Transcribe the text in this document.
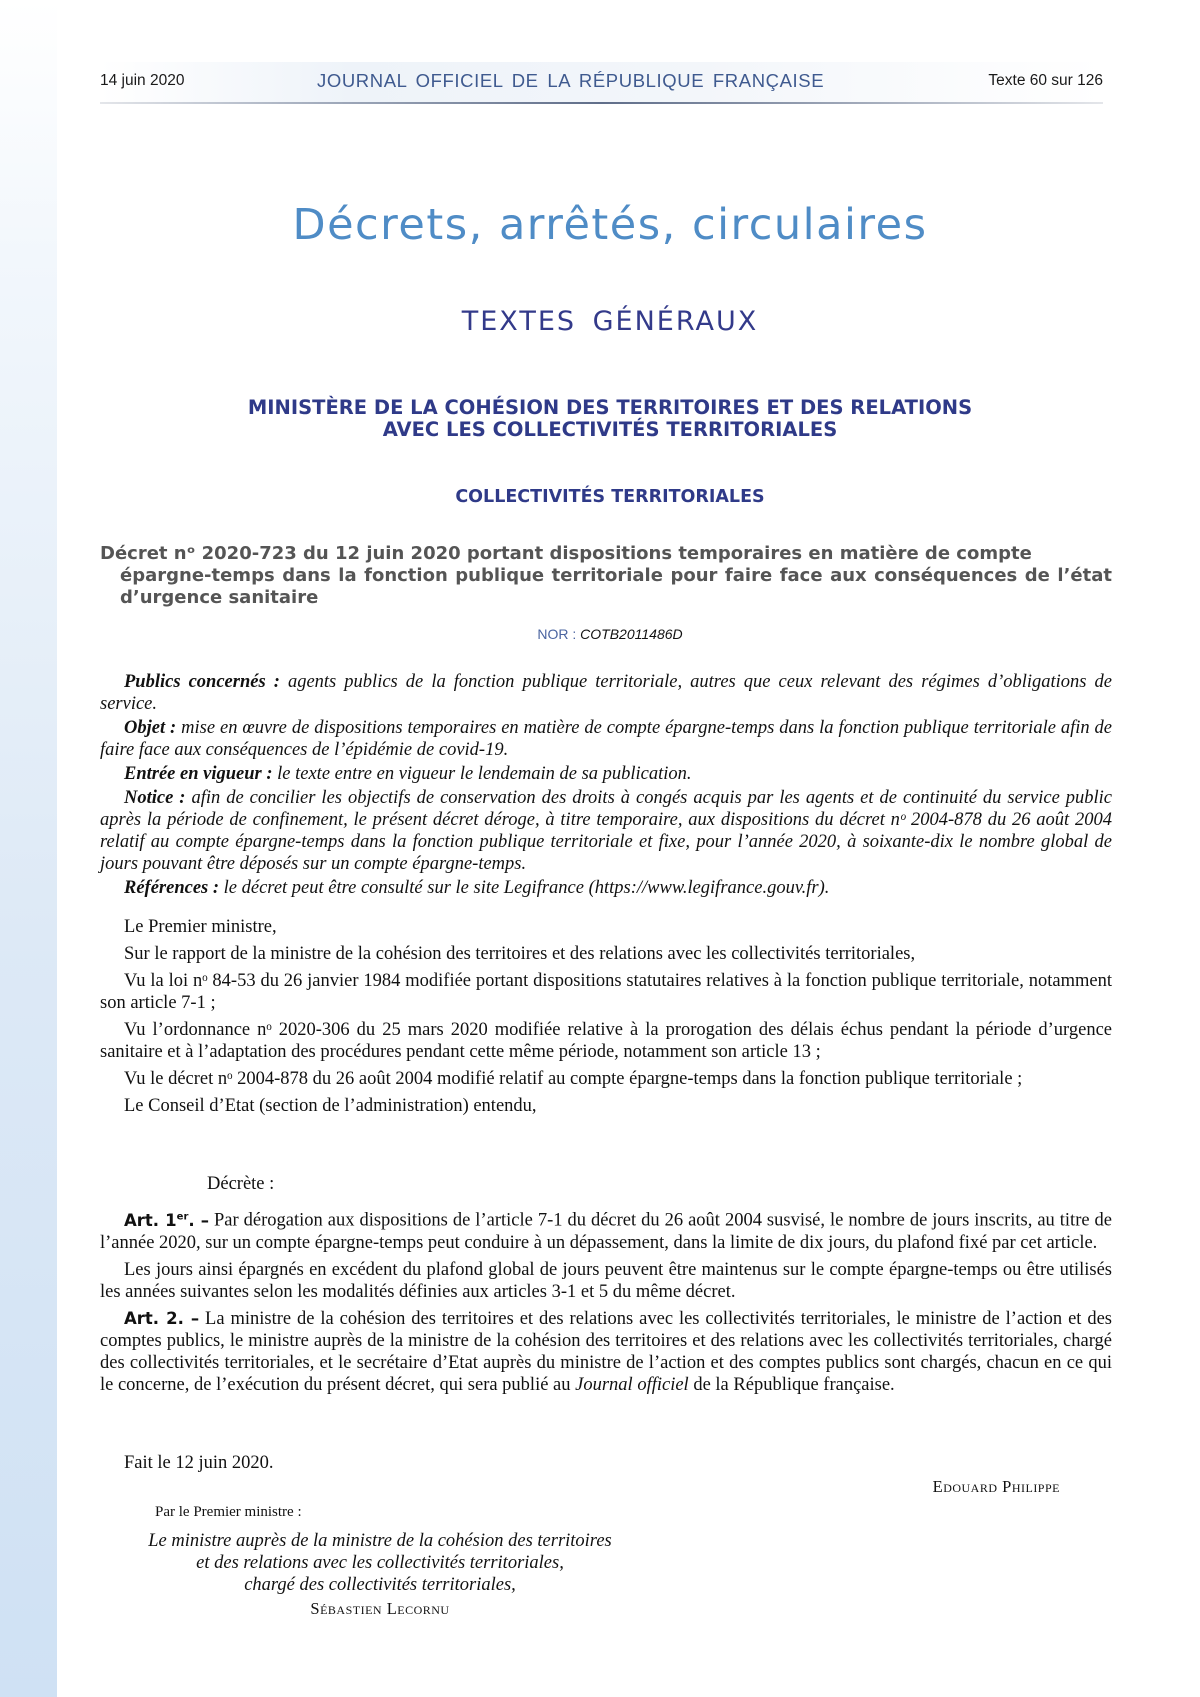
14 juin 2020	JOURNAL OFFICIEL DE LA RÉPUBLIQUE FRANÇAISE	Texte 60 sur 126
Décrets, arrêtés, circulaires
TEXTES GÉNÉRAUX
MINISTÈRE DE LA COHÉSION DES TERRITOIRES ET DES RELATIONS
AVEC LES COLLECTIVITÉS TERRITORIALES
COLLECTIVITÉS TERRITORIALES
Décret nᵒ 2020-723 du 12 juin 2020 portant dispositions temporaires en matière de compte
épargne-temps dans la fonction publique territoriale pour faire face aux conséquences de l’état d’urgence sanitaire
NOR : COTB2011486D

Publics concernés : agents publics de la fonction publique territoriale, autres que ceux relevant des régimes d’obligations de service.

Objet : mise en œuvre de dispositions temporaires en matière de compte épargne-temps dans la fonction publique territoriale afin de faire face aux conséquences de l’épidémie de covid-19.

Entrée en vigueur : le texte entre en vigueur le lendemain de sa publication.

Notice : afin de concilier les objectifs de conservation des droits à congés acquis par les agents et de continuité du service public après la période de confinement, le présent décret déroge, à titre temporaire, aux dispositions du décret nᵒ 2004-878 du 26 août 2004 relatif au compte épargne-temps dans la fonction publique territoriale et fixe, pour l’année 2020, à soixante-dix le nombre global de jours pouvant être déposés sur un compte épargne-temps.

Références : le décret peut être consulté sur le site Legifrance (https://www.legifrance.gouv.fr).

Le Premier ministre,

Sur le rapport de la ministre de la cohésion des territoires et des relations avec les collectivités territoriales,

Vu la loi nᵒ 84-53 du 26 janvier 1984 modifiée portant dispositions statutaires relatives à la fonction publique territoriale, notamment son article 7-1 ;

Vu l’ordonnance nᵒ 2020-306 du 25 mars 2020 modifiée relative à la prorogation des délais échus pendant la période d’urgence sanitaire et à l’adaptation des procédures pendant cette même période, notamment son article 13 ;

Vu le décret nᵒ 2004-878 du 26 août 2004 modifié relatif au compte épargne-temps dans la fonction publique territoriale ;

Le Conseil d’Etat (section de l’administration) entendu,

Décrète :

Art. 1er. – Par dérogation aux dispositions de l’article 7-1 du décret du 26 août 2004 susvisé, le nombre de jours inscrits, au titre de l’année 2020, sur un compte épargne-temps peut conduire à un dépassement, dans la limite de dix jours, du plafond fixé par cet article.

Les jours ainsi épargnés en excédent du plafond global de jours peuvent être maintenus sur le compte épargne-temps ou être utilisés les années suivantes selon les modalités définies aux articles 3-1 et 5 du même décret.

Art. 2. – La ministre de la cohésion des territoires et des relations avec les collectivités territoriales, le ministre de l’action et des comptes publics, le ministre auprès de la ministre de la cohésion des territoires et des relations avec les collectivités territoriales, chargé des collectivités territoriales, et le secrétaire d’Etat auprès du ministre de l’action et des comptes publics sont chargés, chacun en ce qui le concerne, de l’exécution du présent décret, qui sera publié au Journal officiel de la République française.

Fait le 12 juin 2020.
Edouard Philippe
Par le Premier ministre :
Le ministre auprès de la ministre de la cohésion des territoires
et des relations avec les collectivités territoriales,
chargé des collectivités territoriales,
Sébastien Lecornu
